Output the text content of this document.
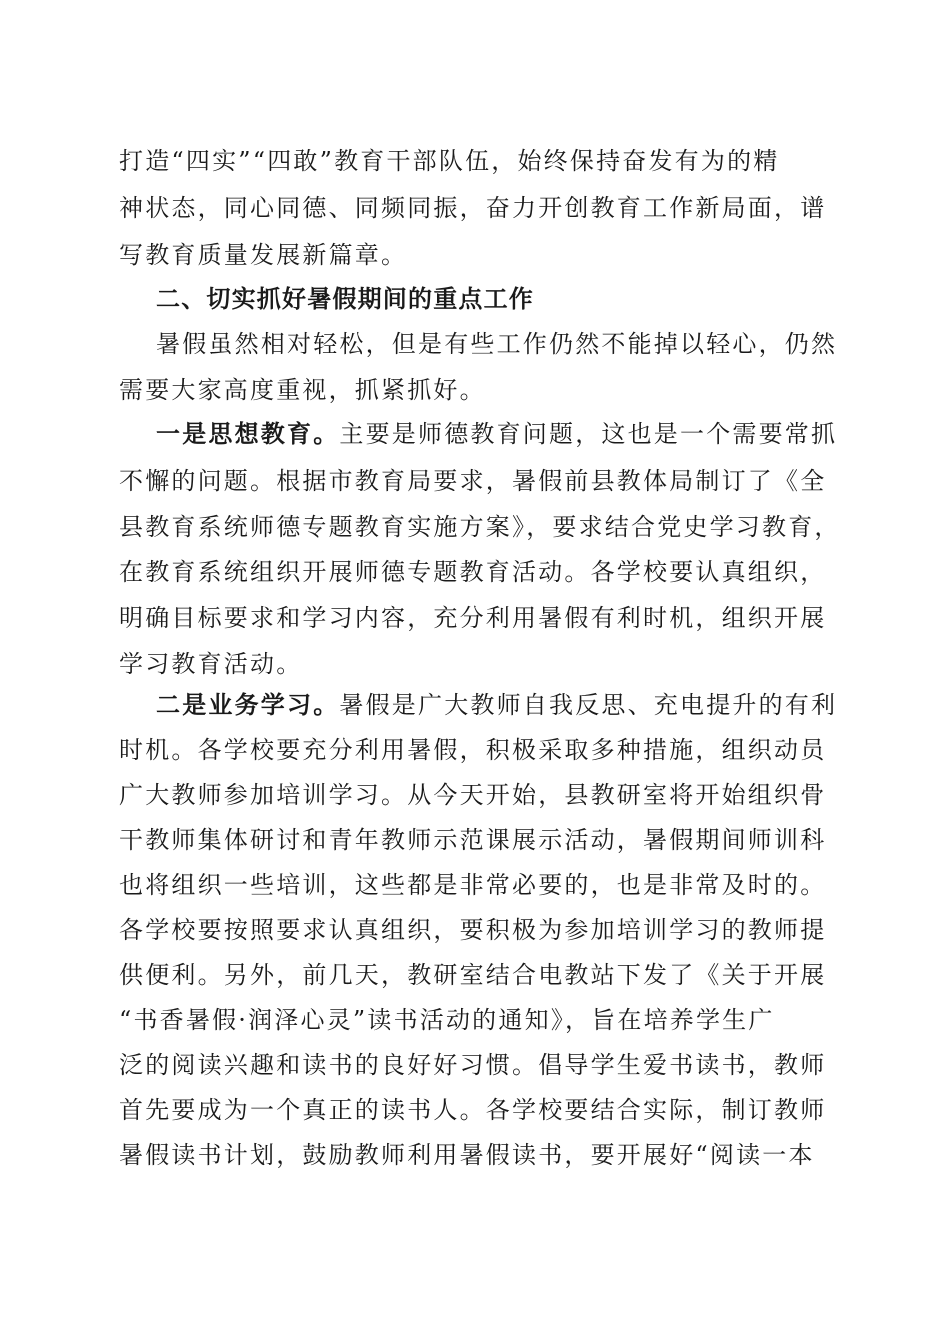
打造“四实”“四敢”教育干部队伍，始终保持奋发有为的精

神状态，同心同德、同频同振，奋力开创教育工作新局面，谱

写教育质量发展新篇章。

二、切实抓好暑假期间的重点工作

暑假虽然相对轻松，但是有些工作仍然不能掉以轻心，仍然

需要大家高度重视，抓紧抓好。

一是思想教育。主要是师德教育问题，这也是一个需要常抓

不懈的问题。根据市教育局要求，暑假前县教体局制订了《全

县教育系统师德专题教育实施方案》，要求结合党史学习教育，

在教育系统组织开展师德专题教育活动。各学校要认真组织，

明确目标要求和学习内容，充分利用暑假有利时机，组织开展

学习教育活动。

二是业务学习。暑假是广大教师自我反思、充电提升的有利

时机。各学校要充分利用暑假，积极采取多种措施，组织动员

广大教师参加培训学习。从今天开始，县教研室将开始组织骨

干教师集体研讨和青年教师示范课展示活动，暑假期间师训科

也将组织一些培训，这些都是非常必要的，也是非常及时的。

各学校要按照要求认真组织，要积极为参加培训学习的教师提

供便利。另外，前几天，教研室结合电教站下发了《关于开展

“书香暑假·润泽心灵”读书活动的通知》，旨在培养学生广

泛的阅读兴趣和读书的良好好习惯。倡导学生爱书读书，教师

首先要成为一个真正的读书人。各学校要结合实际，制订教师

暑假读书计划，鼓励教师利用暑假读书，要开展好“阅读一本
